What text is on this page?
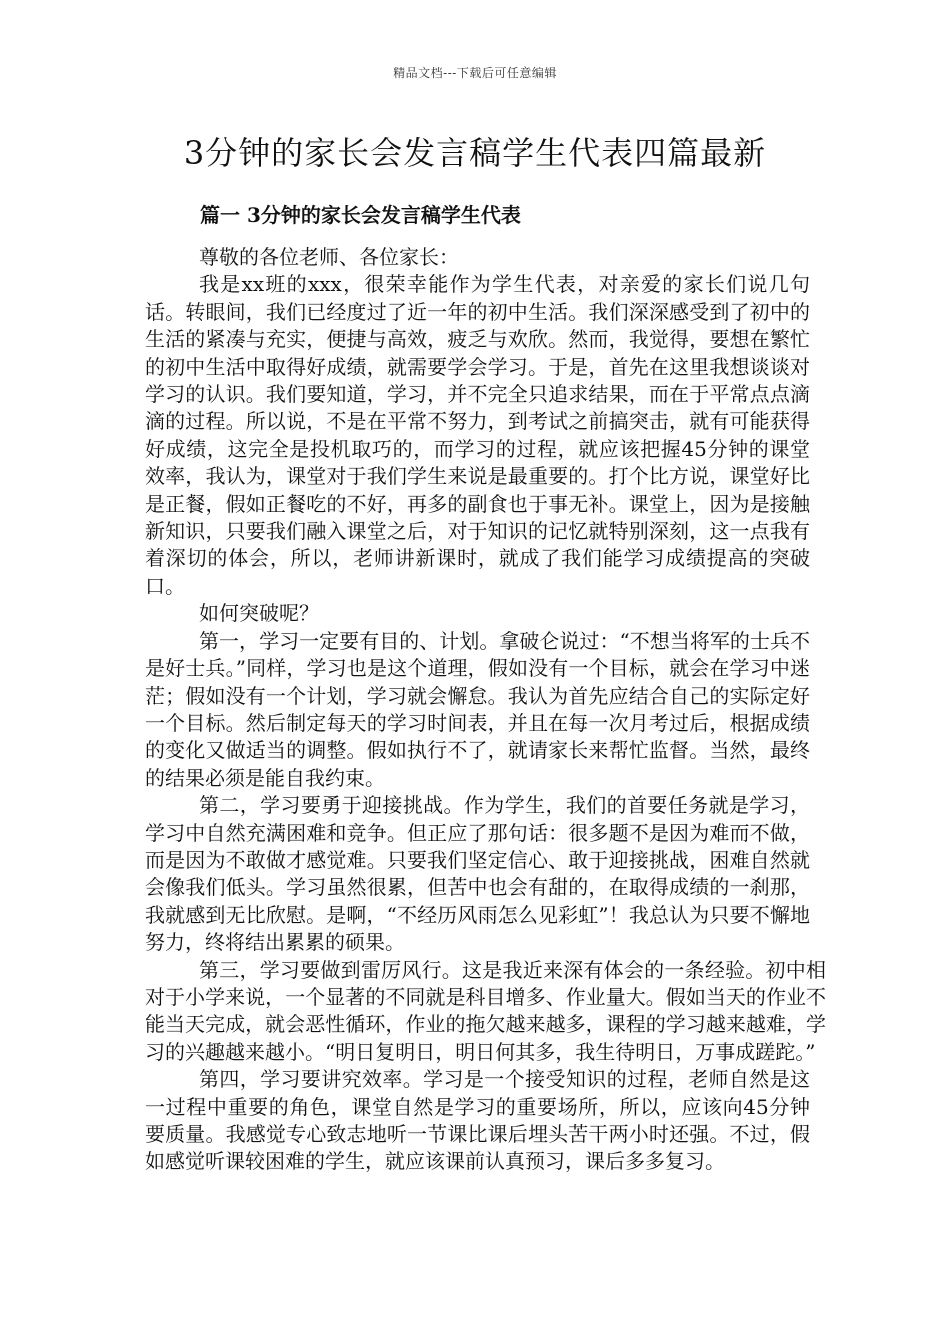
精品文档---下载后可任意编辑
3分钟的家长会发言稿学生代表四篇最新
篇一 3分钟的家长会发言稿学生代表

尊敬的各位老师、各位家长：

我是xx班的xxx，很荣幸能作为学生代表，对亲爱的家长们说几句话。转眼间，我们已经度过了近一年的初中生活。我们深深感受到了初中的生活的紧凑与充实，便捷与高效，疲乏与欢欣。然而，我觉得，要想在繁忙的初中生活中取得好成绩，就需要学会学习。于是，首先在这里我想谈谈对学习的认识。我们要知道，学习，并不完全只追求结果，而在于平常点点滴滴的过程。所以说，不是在平常不努力，到考试之前搞突击，就有可能获得好成绩，这完全是投机取巧的，而学习的过程，就应该把握45分钟的课堂效率，我认为，课堂对于我们学生来说是最重要的。打个比方说，课堂好比是正餐，假如正餐吃的不好，再多的副食也于事无补。课堂上，因为是接触新知识，只要我们融入课堂之后，对于知识的记忆就特别深刻，这一点我有着深切的体会，所以，老师讲新课时，就成了我们能学习成绩提高的突破口。

如何突破呢？

第一，学习一定要有目的、计划。拿破仑说过：“不想当将军的士兵不是好士兵。”同样，学习也是这个道理，假如没有一个目标，就会在学习中迷茫；假如没有一个计划，学习就会懈怠。我认为首先应结合自己的实际定好一个目标。然后制定每天的学习时间表，并且在每一次月考过后，根据成绩的变化又做适当的调整。假如执行不了，就请家长来帮忙监督。当然，最终的结果必须是能自我约束。

第二，学习要勇于迎接挑战。作为学生，我们的首要任务就是学习，学习中自然充满困难和竞争。但正应了那句话：很多题不是因为难而不做，而是因为不敢做才感觉难。只要我们坚定信心、敢于迎接挑战，困难自然就会像我们低头。学习虽然很累，但苦中也会有甜的，在取得成绩的一刹那，我就感到无比欣慰。是啊，“不经历风雨怎么见彩虹”！我总认为只要不懈地努力，终将结出累累的硕果。

第三，学习要做到雷厉风行。这是我近来深有体会的一条经验。初中相对于小学来说，一个显著的不同就是科目增多、作业量大。假如当天的作业不能当天完成，就会恶性循环，作业的拖欠越来越多，课程的学习越来越难，学习的兴趣越来越小。“明日复明日，明日何其多，我生待明日，万事成蹉跎。”

第四，学习要讲究效率。学习是一个接受知识的过程，老师自然是这一过程中重要的角色，课堂自然是学习的重要场所，所以，应该向45分钟要质量。我感觉专心致志地听一节课比课后埋头苦干两小时还强。不过，假如感觉听课较困难的学生，就应该课前认真预习，课后多多复习。
